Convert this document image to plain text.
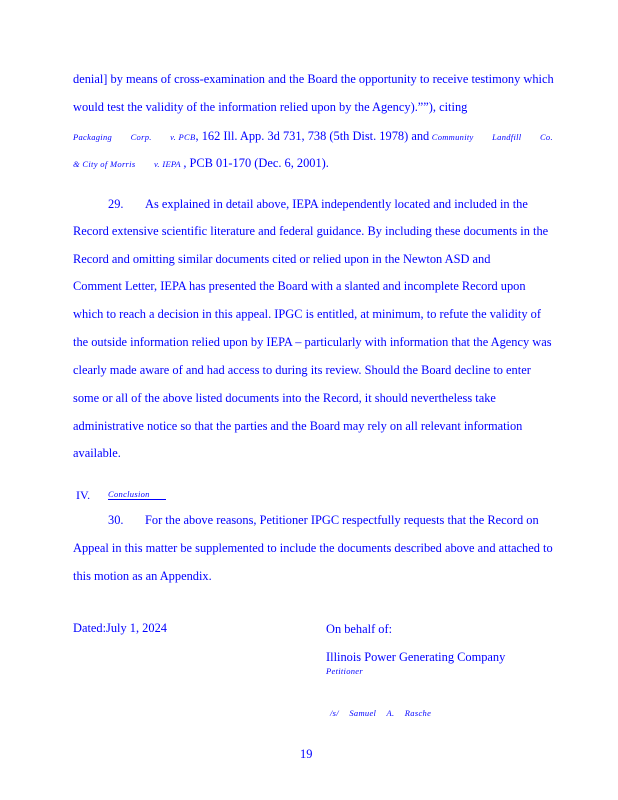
denial] by means of cross-examination and the Board the opportunity to receive testimony which
would test the validity of the information relied upon by the Agency).””), citing
Packaging Corp. v. PCB, 162 Ill. App. 3d 731, 738 (5th Dist. 1978) and Community Landfill Co.
& City of Morris v. IEPA , PCB 01-170 (Dec. 6, 2001).
29. As explained in detail above, IEPA independently located and included in the
Record extensive scientific literature and federal guidance. By including these documents in the
Record and omitting similar documents cited or relied upon in the Newton ASD and
Comment Letter, IEPA has presented the Board with a slanted and incomplete Record upon
which to reach a decision in this appeal. IPGC is entitled, at minimum, to refute the validity of
the outside information relied upon by IEPA – particularly with information that the Agency was
clearly made aware of and had access to during its review. Should the Board decline to enter
some or all of the above listed documents into the Record, it should nevertheless take
administrative notice so that the parties and the Board may rely on all relevant information
available.
IV. Conclusion
30. For the above reasons, Petitioner IPGC respectfully requests that the Record on
Appeal in this matter be supplemented to include the documents described above and attached to
this motion as an Appendix.
Dated:July 1, 2024	On behalf of:
Illinois Power Generating Company
Petitioner
/s/ Samuel A. Rasche
19
